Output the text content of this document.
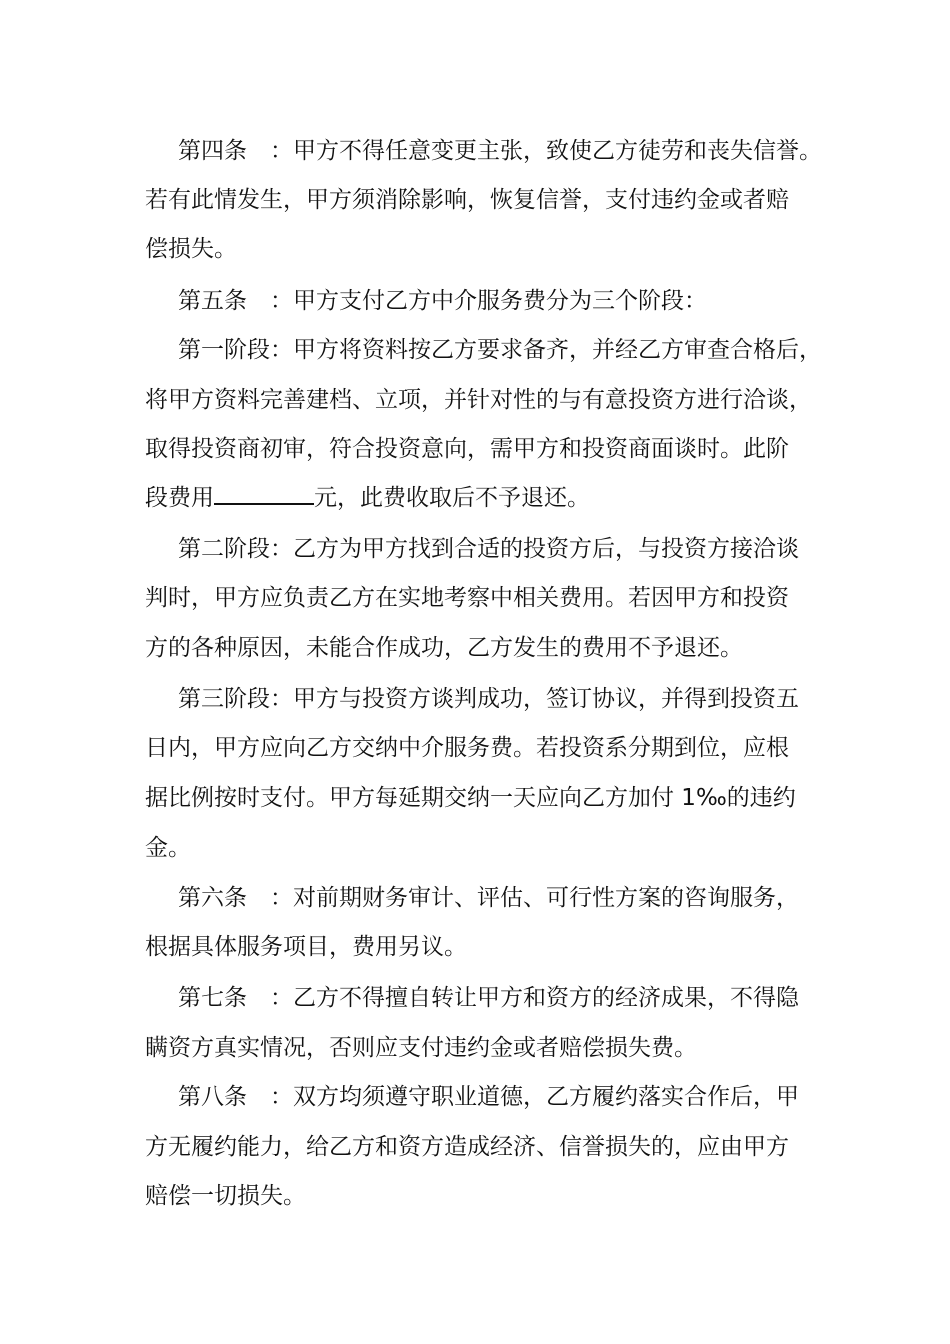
第四条　：甲方不得任意变更主张，致使乙方徒劳和丧失信誉。
若有此情发生，甲方须消除影响，恢复信誉，支付违约金或者赔
偿损失。
第五条　：甲方支付乙方中介服务费分为三个阶段：
第一阶段：甲方将资料按乙方要求备齐，并经乙方审查合格后，
将甲方资料完善建档、立项，并针对性的与有意投资方进行洽谈，
取得投资商初审，符合投资意向，需甲方和投资商面谈时。此阶
段费用	元，此费收取后不予退还。
第二阶段：乙方为甲方找到合适的投资方后，与投资方接洽谈
判时，甲方应负责乙方在实地考察中相关费用。若因甲方和投资
方的各种原因，未能合作成功，乙方发生的费用不予退还。
第三阶段：甲方与投资方谈判成功，签订协议，并得到投资五
日内，甲方应向乙方交纳中介服务费。若投资系分期到位，应根
据比例按时支付。甲方每延期交纳一天应向乙方加付 1‰的违约
金。
第六条　：对前期财务审计、评估、可行性方案的咨询服务，
根据具体服务项目，费用另议。
第七条　：乙方不得擅自转让甲方和资方的经济成果，不得隐
瞒资方真实情况，否则应支付违约金或者赔偿损失费。
第八条　：双方均须遵守职业道德，乙方履约落实合作后，甲
方无履约能力，给乙方和资方造成经济、信誉损失的，应由甲方
赔偿一切损失。
